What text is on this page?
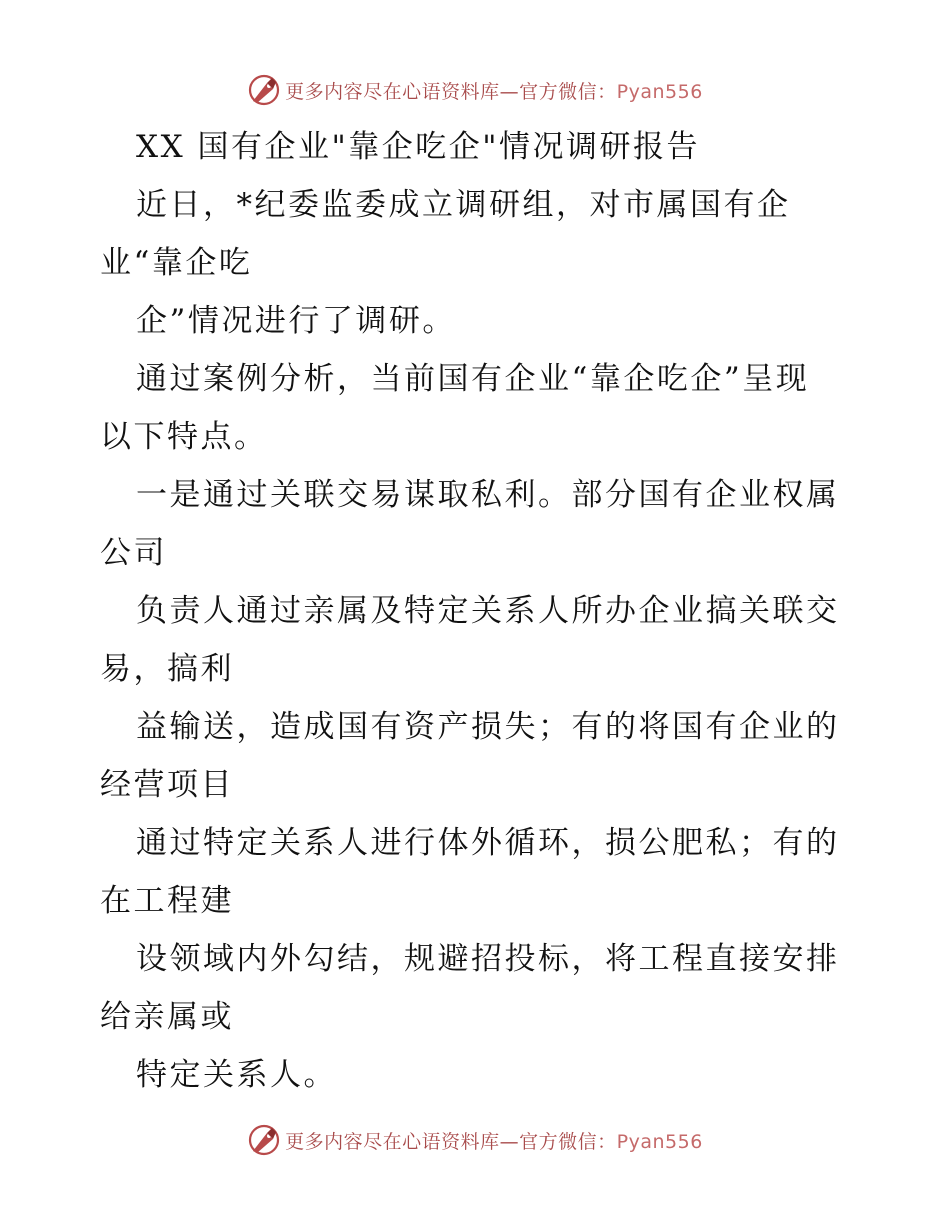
更多内容尽在心语资料库—官方微信：Pyan556

XX 国有企业"靠企吃企"情况调研报告

近日，*纪委监委成立调研组，对市属国有企

业“靠企吃

企”情况进行了调研。

通过案例分析，当前国有企业“靠企吃企”呈现

以下特点。

一是通过关联交易谋取私利。部分国有企业权属

公司

负责人通过亲属及特定关系人所办企业搞关联交

易，搞利

益输送，造成国有资产损失；有的将国有企业的

经营项目

通过特定关系人进行体外循环，损公肥私；有的

在工程建

设领域内外勾结，规避招投标，将工程直接安排

给亲属或

特定关系人。

更多内容尽在心语资料库—官方微信：Pyan556
